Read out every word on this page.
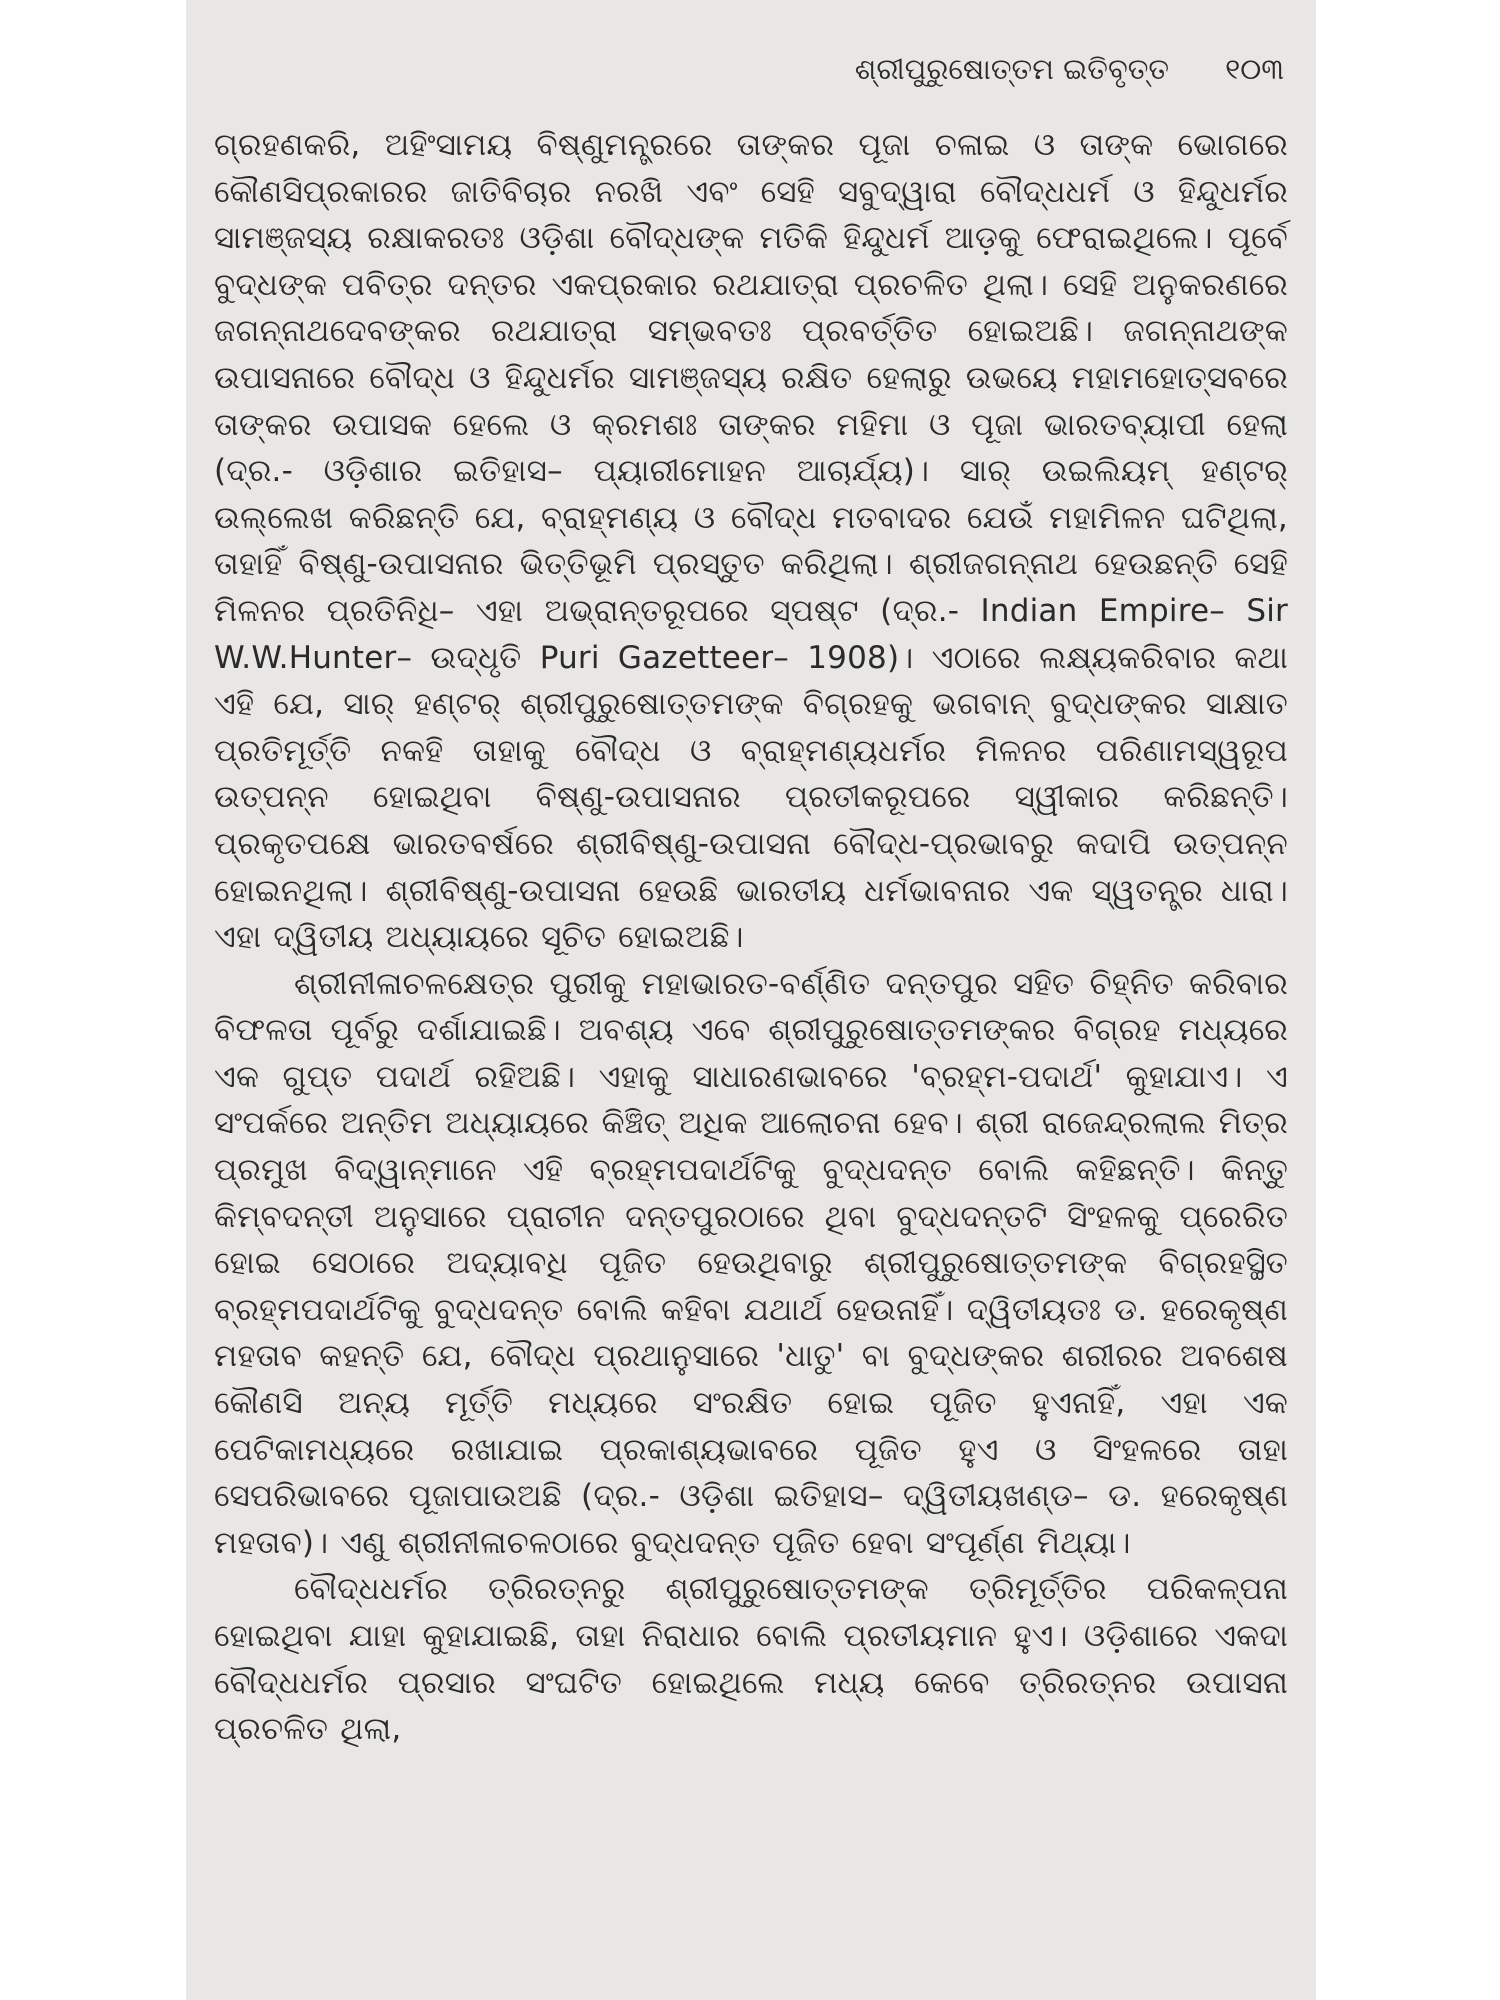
ଶ୍ରୀପୁରୁଷୋତ୍ତମ ଇତିବୃତ୍ତ ୧୦୩

ଗ୍ରହଣକରି, ଅହିଂସାମୟ ବିଷ୍ଣୁମନ୍ତ୍ରରେ ତାଙ୍କର ପୂଜା ଚଳାଇ ଓ ତାଙ୍କ ଭୋଗରେ କୌଣସିପ୍ରକାରର ଜାତିବିଚାର ନରଖି ଏବଂ ସେହି ସବୁଦ୍ୱାରା ବୌଦ୍ଧଧର୍ମ ଓ ହିନ୍ଦୁଧର୍ମର ସାମଞ୍ଜସ୍ୟ ରକ୍ଷାକରତଃ ଓଡ଼ିଶା ବୌଦ୍ଧଙ୍କ ମତିକି ହିନ୍ଦୁଧର୍ମ ଆଡ଼କୁ ଫେରାଇଥିଲେ। ପୂର୍ବେ ବୁଦ୍ଧଙ୍କ ପବିତ୍ର ଦନ୍ତର ଏକପ୍ରକାର ରଥଯାତ୍ରା ପ୍ରଚଳିତ ଥିଲା। ସେହି ଅନୁକରଣରେ ଜଗନ୍ନାଥଦେବଙ୍କର ରଥଯାତ୍ରା ସମ୍ଭବତଃ ପ୍ରବର୍ତ୍ତିତ ହୋଇଅଛି। ଜଗନ୍ନାଥଙ୍କ ଉପାସନାରେ ବୌଦ୍ଧ ଓ ହିନ୍ଦୁଧର୍ମର ସାମଞ୍ଜସ୍ୟ ରକ୍ଷିତ ହେଲାରୁ ଉଭୟେ ମହାମହୋତ୍ସବରେ ତାଙ୍କର ଉପାସକ ହେଲେ ଓ କ୍ରମଶଃ ତାଙ୍କର ମହିମା ଓ ପୂଜା ଭାରତବ୍ୟାପୀ ହେଲା (ଦ୍ର.- ଓଡ଼ିଶାର ଇତିହାସ– ପ୍ୟାରୀମୋହନ ଆଚାର୍ଯ୍ୟ)। ସାର୍ ଉଇଲିୟମ୍ ହଣ୍ଟର୍ ଉଲ୍ଲେଖ କରିଛନ୍ତି ଯେ, ବ୍ରାହ୍ମଣ୍ୟ ଓ ବୌଦ୍ଧ ମତବାଦର ଯେଉଁ ମହାମିଳନ ଘଟିଥିଲା, ତାହାହିଁ ବିଷ୍ଣୁ-ଉପାସନାର ଭିତ୍ତିଭୂମି ପ୍ରସ୍ତୁତ କରିଥିଲା। ଶ୍ରୀଜଗନ୍ନାଥ ହେଉଛନ୍ତି ସେହି ମିଳନର ପ୍ରତିନିଧି– ଏହା ଅଭ୍ରାନ୍ତରୂପରେ ସ୍ପଷ୍ଟ (ଦ୍ର.- Indian Empire– Sir W.W.Hunter– ଉଦ୍ଧୃତି Puri Gazetteer– 1908)। ଏଠାରେ ଲକ୍ଷ୍ୟକରିବାର କଥା ଏହି ଯେ, ସାର୍ ହଣ୍ଟର୍ ଶ୍ରୀପୁରୁଷୋତ୍ତମଙ୍କ ବିଗ୍ରହକୁ ଭଗବାନ୍ ବୁଦ୍ଧଙ୍କର ସାକ୍ଷାତ ପ୍ରତିମୂର୍ତ୍ତି ନକହି ତାହାକୁ ବୌଦ୍ଧ ଓ ବ୍ରାହ୍ମଣ୍ୟଧର୍ମର ମିଳନର ପରିଣାମସ୍ୱରୂପ ଉତ୍ପନ୍ନ ହୋଇଥିବା ବିଷ୍ଣୁ-ଉପାସନାର ପ୍ରତୀକରୂପରେ ସ୍ୱୀକାର କରିଛନ୍ତି। ପ୍ରକୃତପକ୍ଷେ ଭାରତବର୍ଷରେ ଶ୍ରୀବିଷ୍ଣୁ-ଉପାସନା ବୌଦ୍ଧ-ପ୍ରଭାବରୁ କଦାପି ଉତ୍ପନ୍ନ ହୋଇନଥିଲା। ଶ୍ରୀବିଷ୍ଣୁ-ଉପାସନା ହେଉଛି ଭାରତୀୟ ଧର୍ମଭାବନାର ଏକ ସ୍ୱତନ୍ତ୍ର ଧାରା। ଏହା ଦ୍ୱିତୀୟ ଅଧ୍ୟାୟରେ ସୂଚିତ ହୋଇଅଛି।

ଶ୍ରୀନୀଳାଚଳକ୍ଷେତ୍ର ପୁରୀକୁ ମହାଭାରତ-ବର୍ଣ୍ଣିତ ଦନ୍ତପୁର ସହିତ ଚିହ୍ନିତ କରିବାର ବିଫଳତା ପୂର୍ବରୁ ଦର୍ଶାଯାଇଛି। ଅବଶ୍ୟ ଏବେ ଶ୍ରୀପୁରୁଷୋତ୍ତମଙ୍କର ବିଗ୍ରହ ମଧ୍ୟରେ ଏକ ଗୁପ୍ତ ପଦାର୍ଥ ରହିଅଛି। ଏହାକୁ ସାଧାରଣଭାବରେ 'ବ୍ରହ୍ମ-ପଦାର୍ଥ' କୁହାଯାଏ। ଏ ସଂପର୍କରେ ଅନ୍ତିମ ଅଧ୍ୟାୟରେ କିଞ୍ଚିତ୍ ଅଧିକ ଆଲୋଚନା ହେବ। ଶ୍ରୀ ରାଜେନ୍ଦ୍ରଲାଲ ମିତ୍ର ପ୍ରମୁଖ ବିଦ୍ୱାନ୍‌ମାନେ ଏହି ବ୍ରହ୍ମପଦାର୍ଥଟିକୁ ବୁଦ୍ଧଦନ୍ତ ବୋଲି କହିଛନ୍ତି। କିନ୍ତୁ କିମ୍ବଦନ୍ତୀ ଅନୁସାରେ ପ୍ରାଚୀନ ଦନ୍ତପୁରଠାରେ ଥିବା ବୁଦ୍ଧଦନ୍ତଟି ସିଂହଳକୁ ପ୍ରେରିତ ହୋଇ ସେଠାରେ ଅଦ୍ୟାବଧି ପୂଜିତ ହେଉଥିବାରୁ ଶ୍ରୀପୁରୁଷୋତ୍ତମଙ୍କ ବିଗ୍ରହସ୍ଥିତ ବ୍ରହ୍ମପଦାର୍ଥଟିକୁ ବୁଦ୍ଧଦନ୍ତ ବୋଲି କହିବା ଯଥାର୍ଥ ହେଉନାହିଁ। ଦ୍ୱିତୀୟତଃ ଡ. ହରେକୃଷ୍ଣ ମହତାବ କହନ୍ତି ଯେ, ବୌଦ୍ଧ ପ୍ରଥାନୁସାରେ 'ଧାତୁ' ବା ବୁଦ୍ଧଙ୍କର ଶରୀରର ଅବଶେଷ କୌଣସି ଅନ୍ୟ ମୂର୍ତ୍ତି ମଧ୍ୟରେ ସଂରକ୍ଷିତ ହୋଇ ପୂଜିତ ହୁଏନାହିଁ, ଏହା ଏକ ପେଟିକାମଧ୍ୟରେ ରଖାଯାଇ ପ୍ରକାଶ୍ୟଭାବରେ ପୂଜିତ ହୁଏ ଓ ସିଂହଳରେ ତାହା ସେପରିଭାବରେ ପୂଜାପାଉଅଛି (ଦ୍ର.- ଓଡ଼ିଶା ଇତିହାସ– ଦ୍ୱିତୀୟଖଣ୍ଡ– ଡ. ହରେକୃଷ୍ଣ ମହତାବ)। ଏଣୁ ଶ୍ରୀନୀଳାଚଳଠାରେ ବୁଦ୍ଧଦନ୍ତ ପୂଜିତ ହେବା ସଂପୂର୍ଣ୍ଣ ମିଥ୍ୟା।

ବୌଦ୍ଧଧର୍ମର ତ୍ରିରତ୍ନରୁ ଶ୍ରୀପୁରୁଷୋତ୍ତମଙ୍କ ତ୍ରିମୂର୍ତ୍ତିର ପରିକଳ୍ପନା ହୋଇଥିବା ଯାହା କୁହାଯାଇଛି, ତାହା ନିରାଧାର ବୋଲି ପ୍ରତୀୟମାନ ହୁଏ। ଓଡ଼ିଶାରେ ଏକଦା ବୌଦ୍ଧଧର୍ମର ପ୍ରସାର ସଂଘଟିତ ହୋଇଥିଲେ ମଧ୍ୟ କେବେ ତ୍ରିରତ୍ନର ଉପାସନା ପ୍ରଚଳିତ ଥିଲା,
